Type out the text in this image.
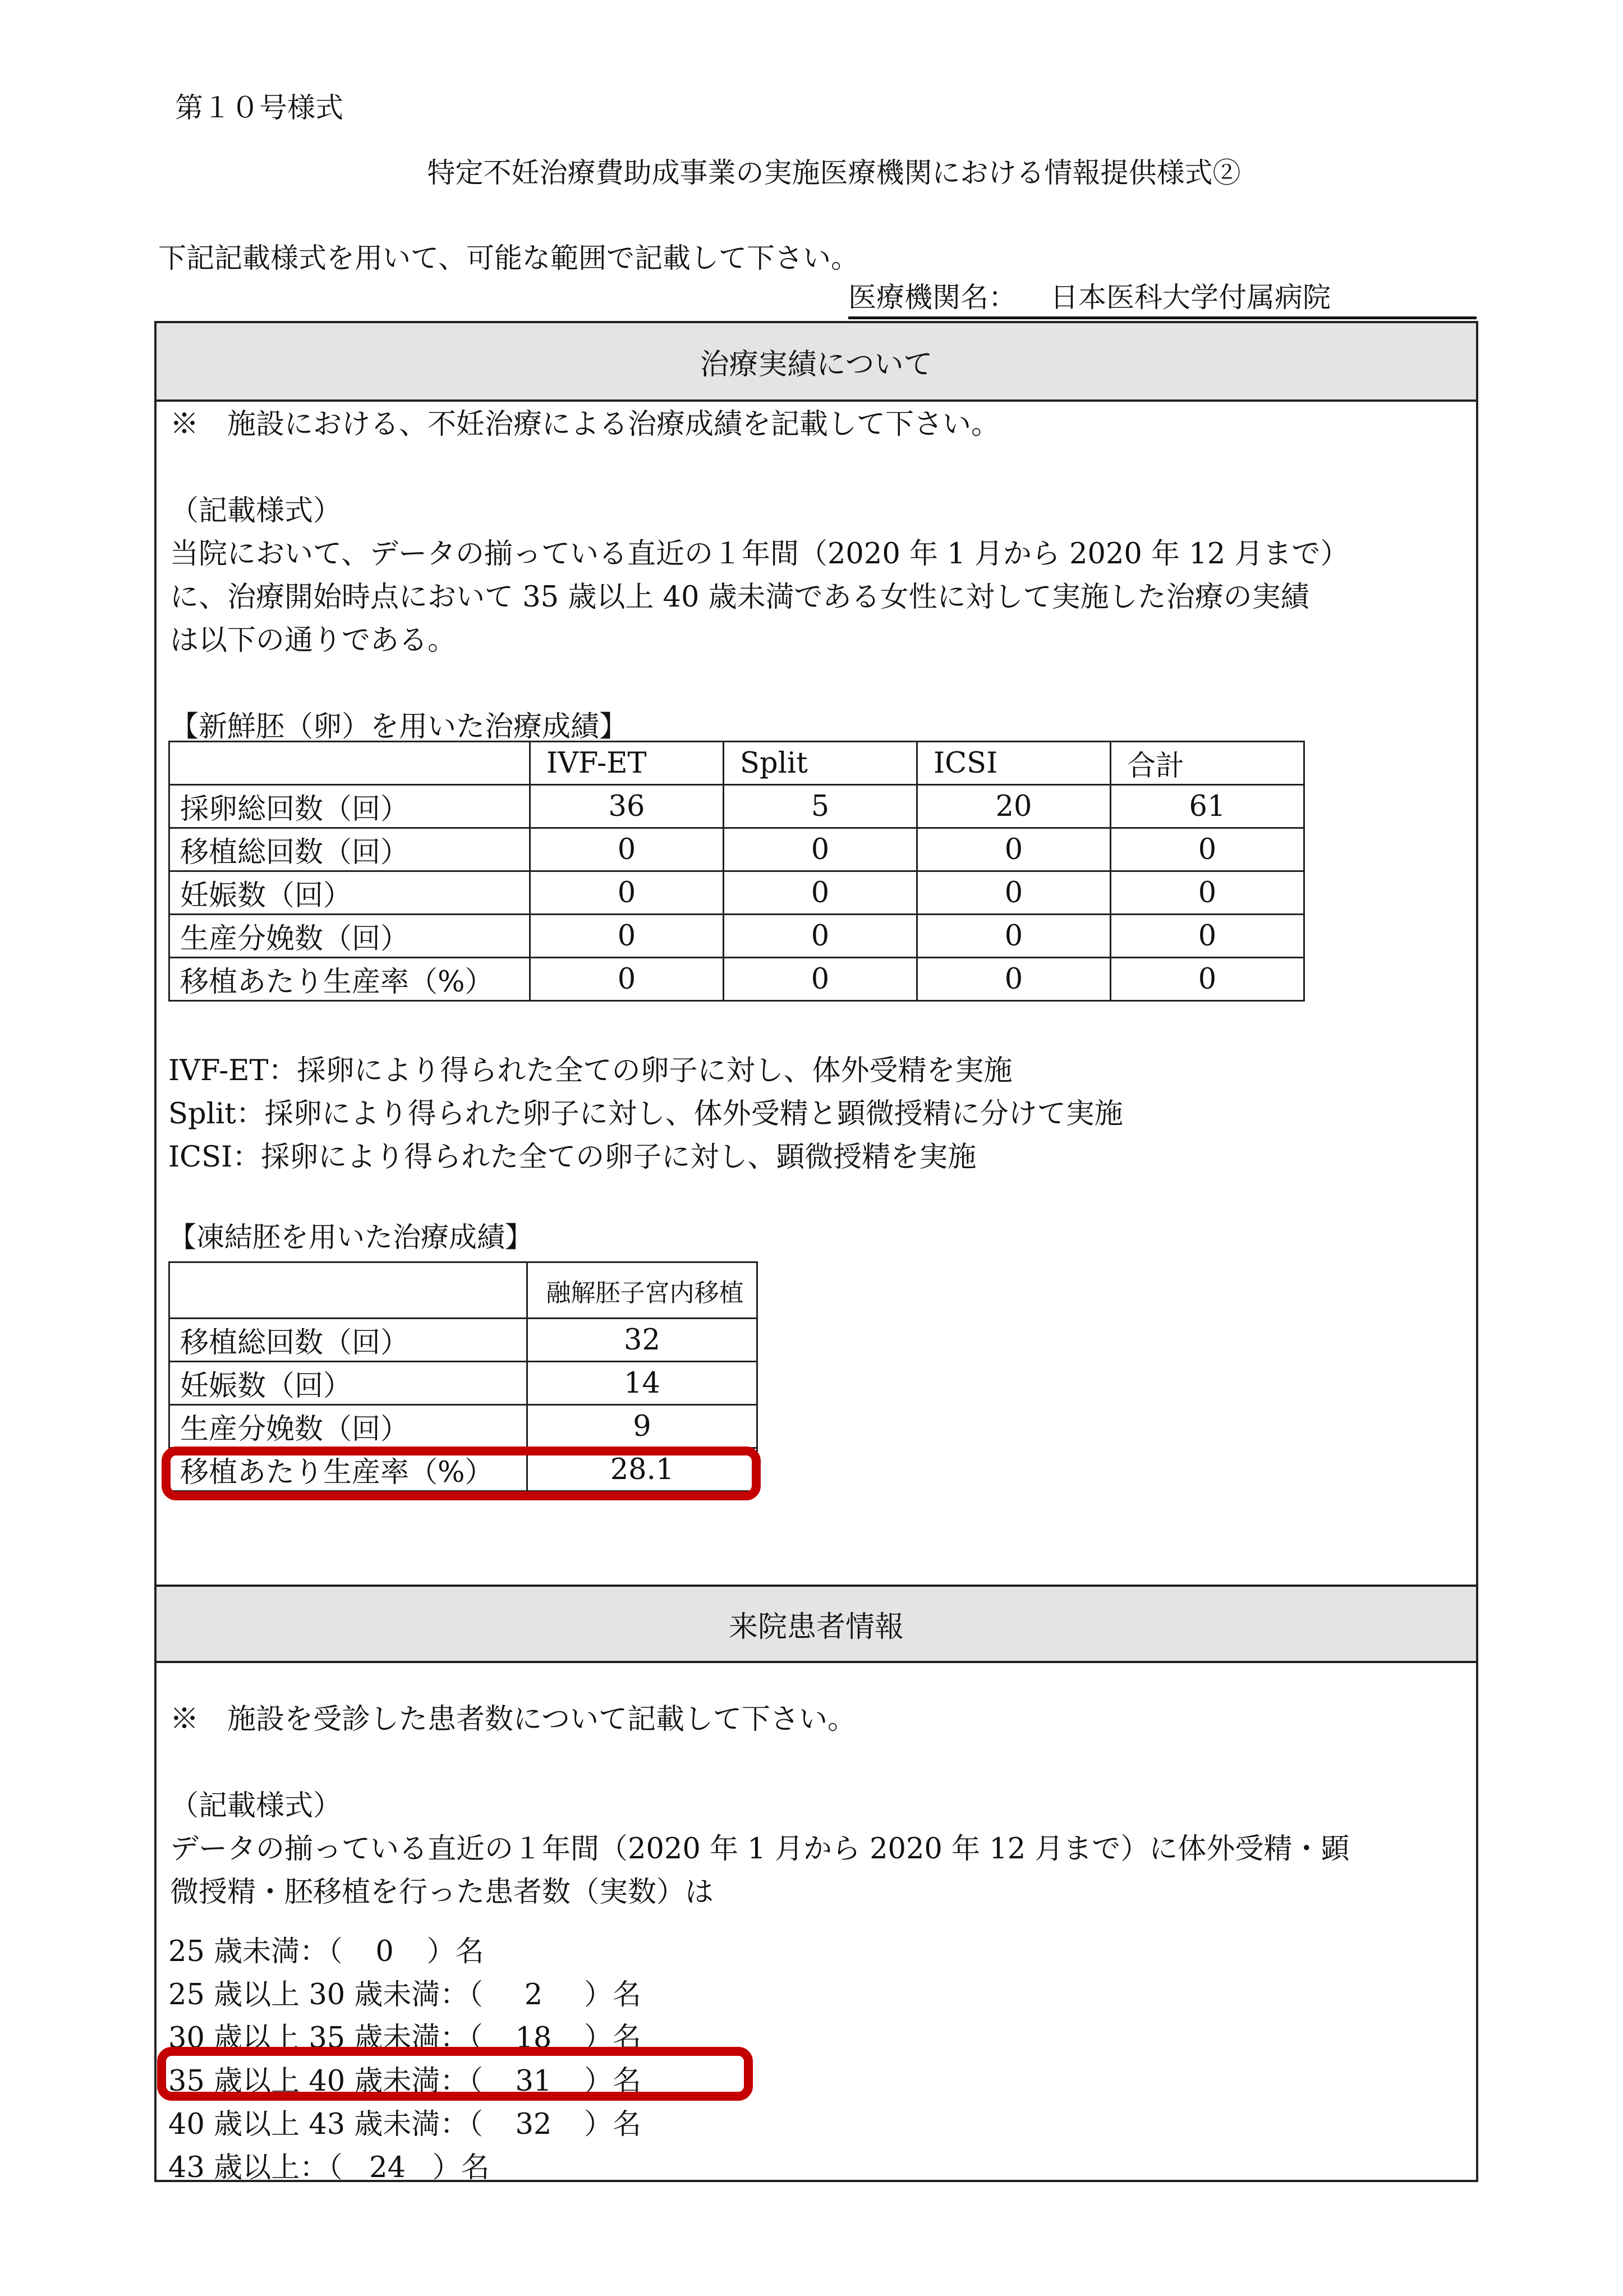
第１０号様式
特定不妊治療費助成事業の実施医療機関における情報提供様式②
下記記載様式を用いて、可能な範囲で記載して下さい。
医療機関名： 日本医科大学付属病院
治療実績について
※　施設における、不妊治療による治療成績を記載して下さい。

（記載様式）
当院において、データの揃っている直近の１年間（2020 年 1 月から 2020 年 12 月まで）
に、治療開始時点において 35 歳以上 40 歳未満である女性に対して実施した治療の実績
は以下の通りである。

【新鮮胚（卵）を用いた治療成績】
来院患者情報
※　施設を受診した患者数について記載して下さい。

（記載様式）
データの揃っている直近の１年間（2020 年 1 月から 2020 年 12 月まで）に体外受精・顕
微授精・胚移植を行った患者数（実数）は
	IVF-ET	Split	ICSI	合計
採卵総回数（回）	36	5	20	61
移植総回数（回）	0	0	0	0
妊娠数（回）	0	0	0	0
生産分娩数（回）	0	0	0	0
移植あたり生産率（%）	0	0	0	0
IVF-ET：採卵により得られた全ての卵子に対し、体外受精を実施
Split：採卵により得られた卵子に対し、体外受精と顕微授精に分けて実施
ICSI：採卵により得られた全ての卵子に対し、顕微授精を実施
【凍結胚を用いた治療成績】
	融解胚子宮内移植
移植総回数（回）	32
妊娠数（回）	14
生産分娩数（回）	9
移植あたり生産率（%）	28.1
25 歳未満：（ 0 ）名
25 歳以上 30 歳未満：（ 2 ）名
30 歳以上 35 歳未満：（ 18 ）名
35 歳以上 40 歳未満：（ 31 ）名
40 歳以上 43 歳未満：（ 32 ）名
43 歳以上：（ 24 ）名
